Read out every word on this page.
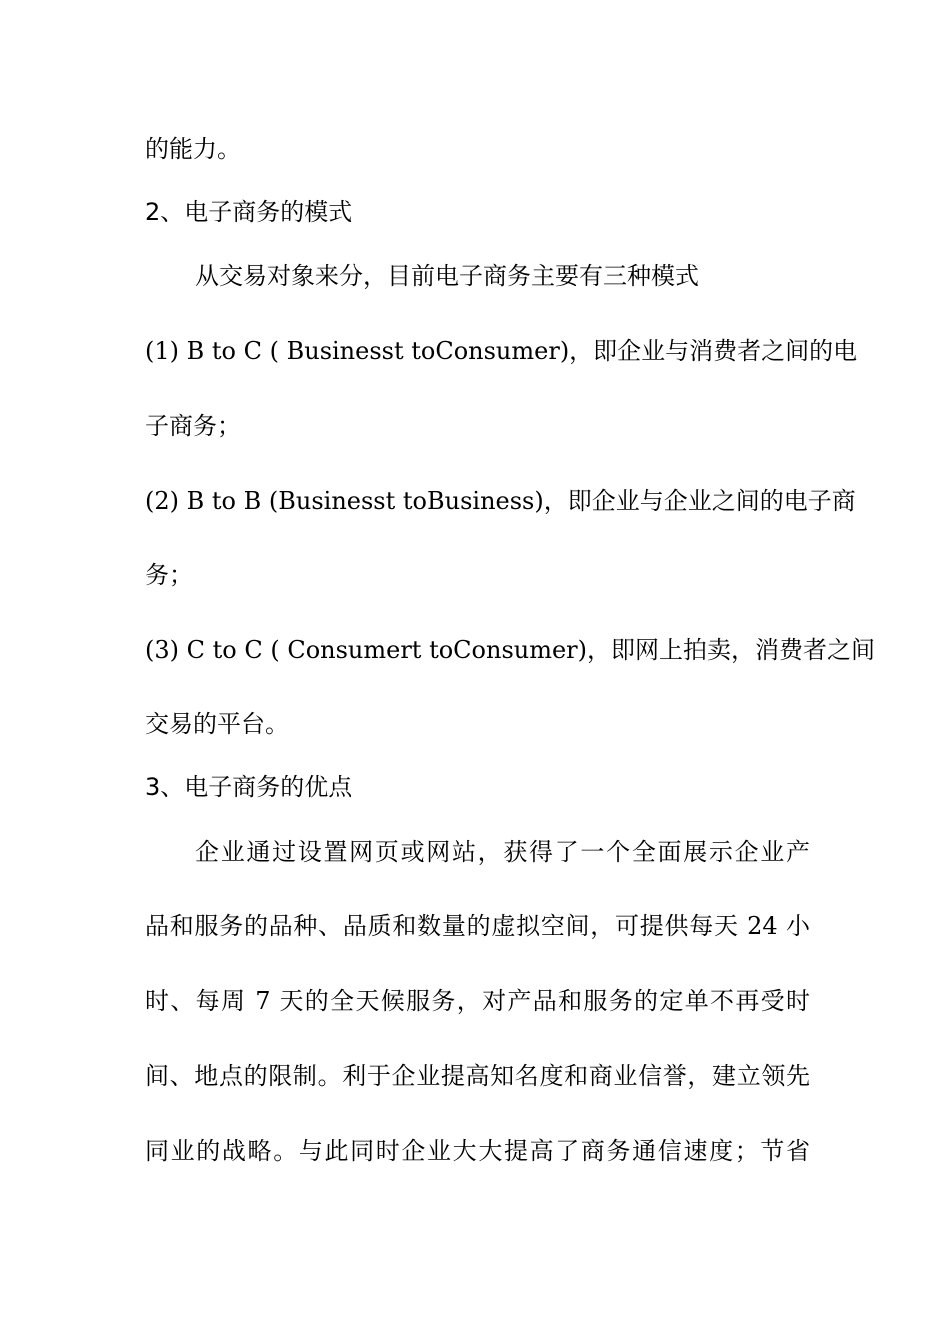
的能力。
2、电子商务的模式
从交易对象来分，目前电子商务主要有三种模式
(1) B to C ( Businesst toConsumer)，即企业与消费者之间的电
子商务；
(2) B to B (Businesst toBusiness)，即企业与企业之间的电子商
务；
(3) C to C ( Consumert toConsumer)，即网上拍卖，消费者之间
交易的平台。
3、电子商务的优点
企业通过设置网页或网站，获得了一个全面展示企业产
品和服务的品种、品质和数量的虚拟空间，可提供每天 24 小
时、每周 7 天的全天候服务，对产品和服务的定单不再受时
间、地点的限制。利于企业提高知名度和商业信誉，建立领先
同业的战略。与此同时企业大大提高了商务通信速度；节省
